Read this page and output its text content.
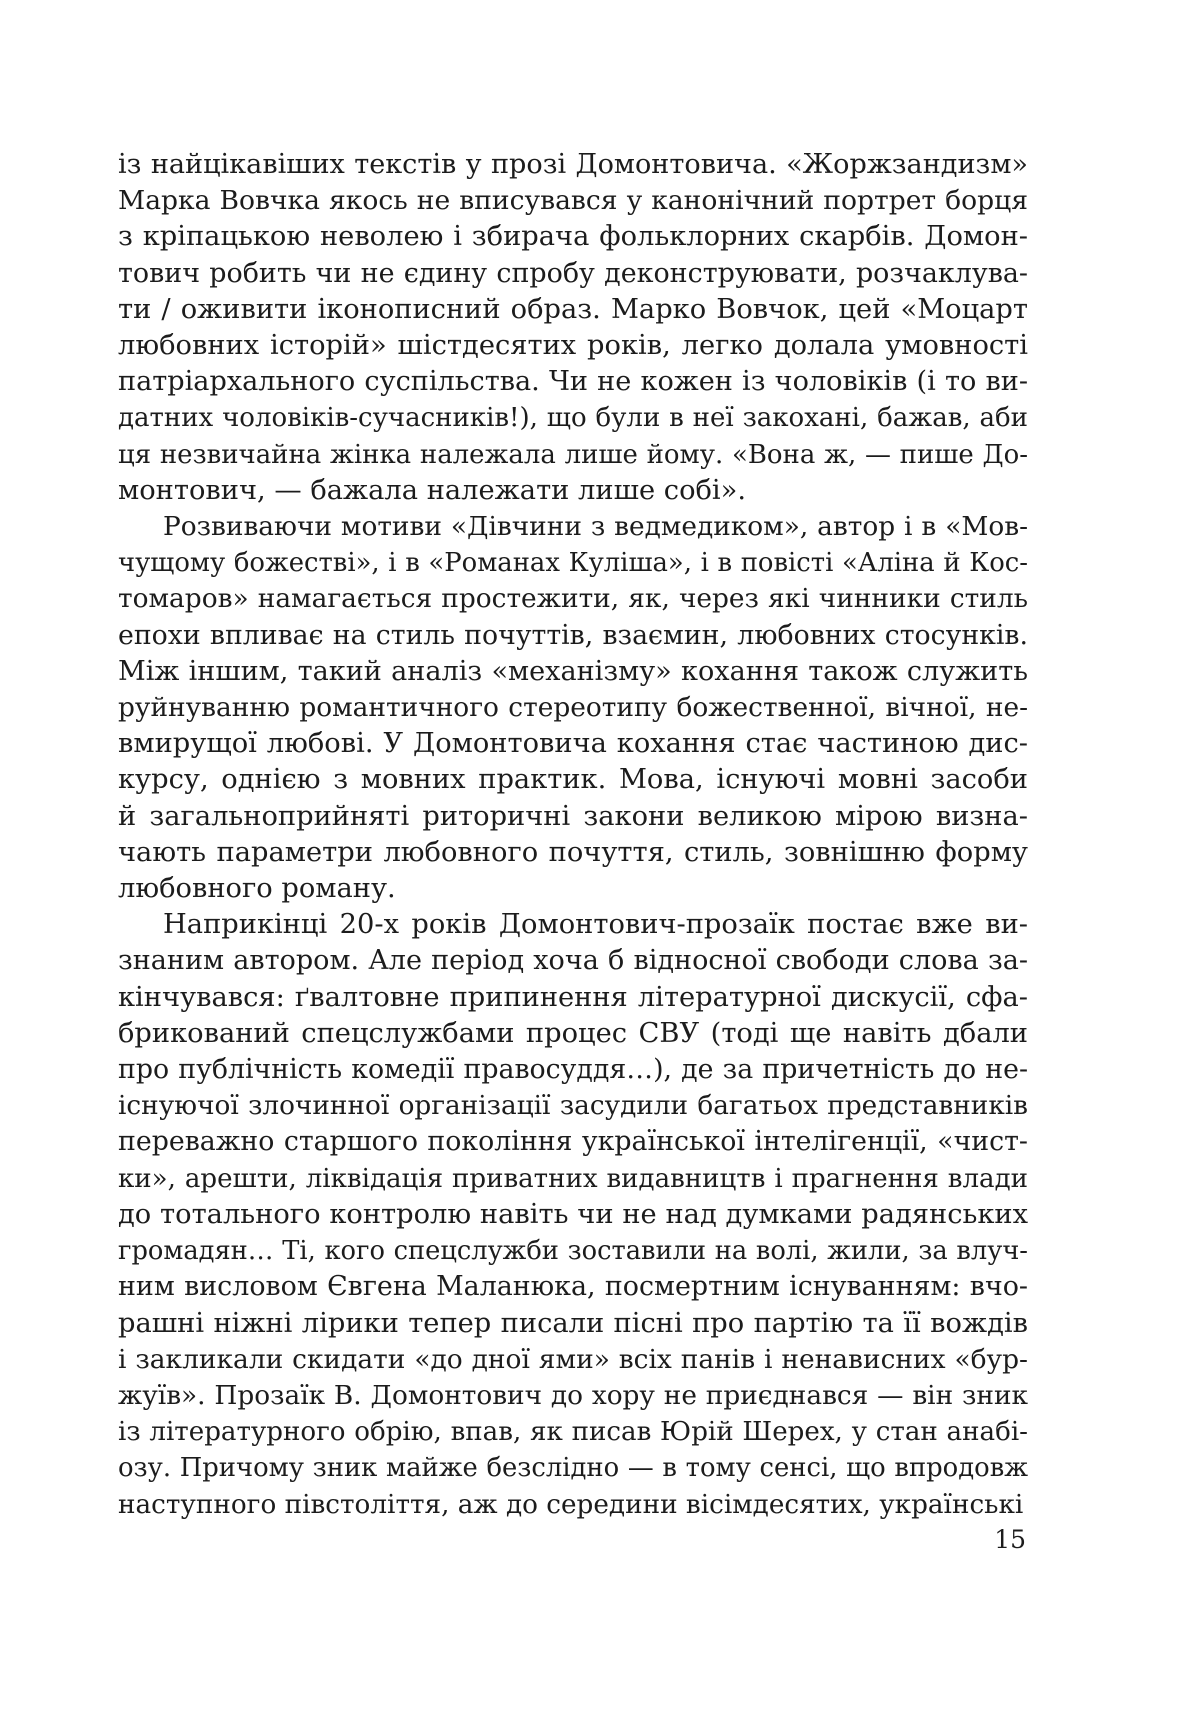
із найцікавіших текстів у прозі Домонтовича. «Жоржзандизм»
Марка Вовчка якось не вписувався у канонічний портрет борця
з кріпацькою неволею і збирача фольклорних скарбів. Домон-
тович робить чи не єдину спробу деконструювати, розчаклува-
ти / оживити іконописний образ. Марко Вовчок, цей «Моцарт
любовних історій» шістдесятих років, легко долала умовності
патріархального суспільства. Чи не кожен із чоловіків (і то ви-
датних чоловіків-сучасників!), що були в неї закохані, бажав, аби
ця незвичайна жінка належала лише йому. «Вона ж, — пише До-
монтович, — бажала належати лише собі».
Розвиваючи мотиви «Дівчини з ведмедиком», автор і в «Мов-
чущому божестві», і в «Романах Куліша», і в повісті «Аліна й Кос-
томаров» намагається простежити, як, через які чинники стиль
епохи впливає на стиль почуттів, взаємин, любовних стосунків.
Між іншим, такий аналіз «механізму» кохання також служить
руйнуванню романтичного стереотипу божественної, вічної, не-
вмирущої любові. У Домонтовича кохання стає частиною дис-
курсу, однією з мовних практик. Мова, існуючі мовні засоби
й загальноприйняті риторичні закони великою мірою визна-
чають параметри любовного почуття, стиль, зовнішню форму
любовного роману.
Наприкінці 20-х років Домонтович-прозаїк постає вже ви-
знаним автором. Але період хоча б відносної свободи слова за-
кінчувався: ґвалтовне припинення літературної дискусії, сфа-
брикований спецслужбами процес СВУ (тоді ще навіть дбали
про публічність комедії правосуддя…), де за причетність до не-
існуючої злочинної організації засудили багатьох представників
переважно старшого покоління української інтелігенції, «чист-
ки», арешти, ліквідація приватних видавництв і прагнення влади
до тотального контролю навіть чи не над думками радянських
громадян… Ті, кого спецслужби зоставили на волі, жили, за влуч-
ним висловом Євгена Маланюка, посмертним існуванням: вчо-
рашні ніжні лірики тепер писали пісні про партію та її вождів
і закликали скидати «до дної ями» всіх панів і ненависних «бур-
жуїв». Прозаїк В. Домонтович до хору не приєднався — він зник
із літературного обрію, впав, як писав Юрій Шерех, у стан анабі-
озу. Причому зник майже безслідно — в тому сенсі, що впродовж
наступного півстоліття, аж до середини вісімдесятих, українські
15
